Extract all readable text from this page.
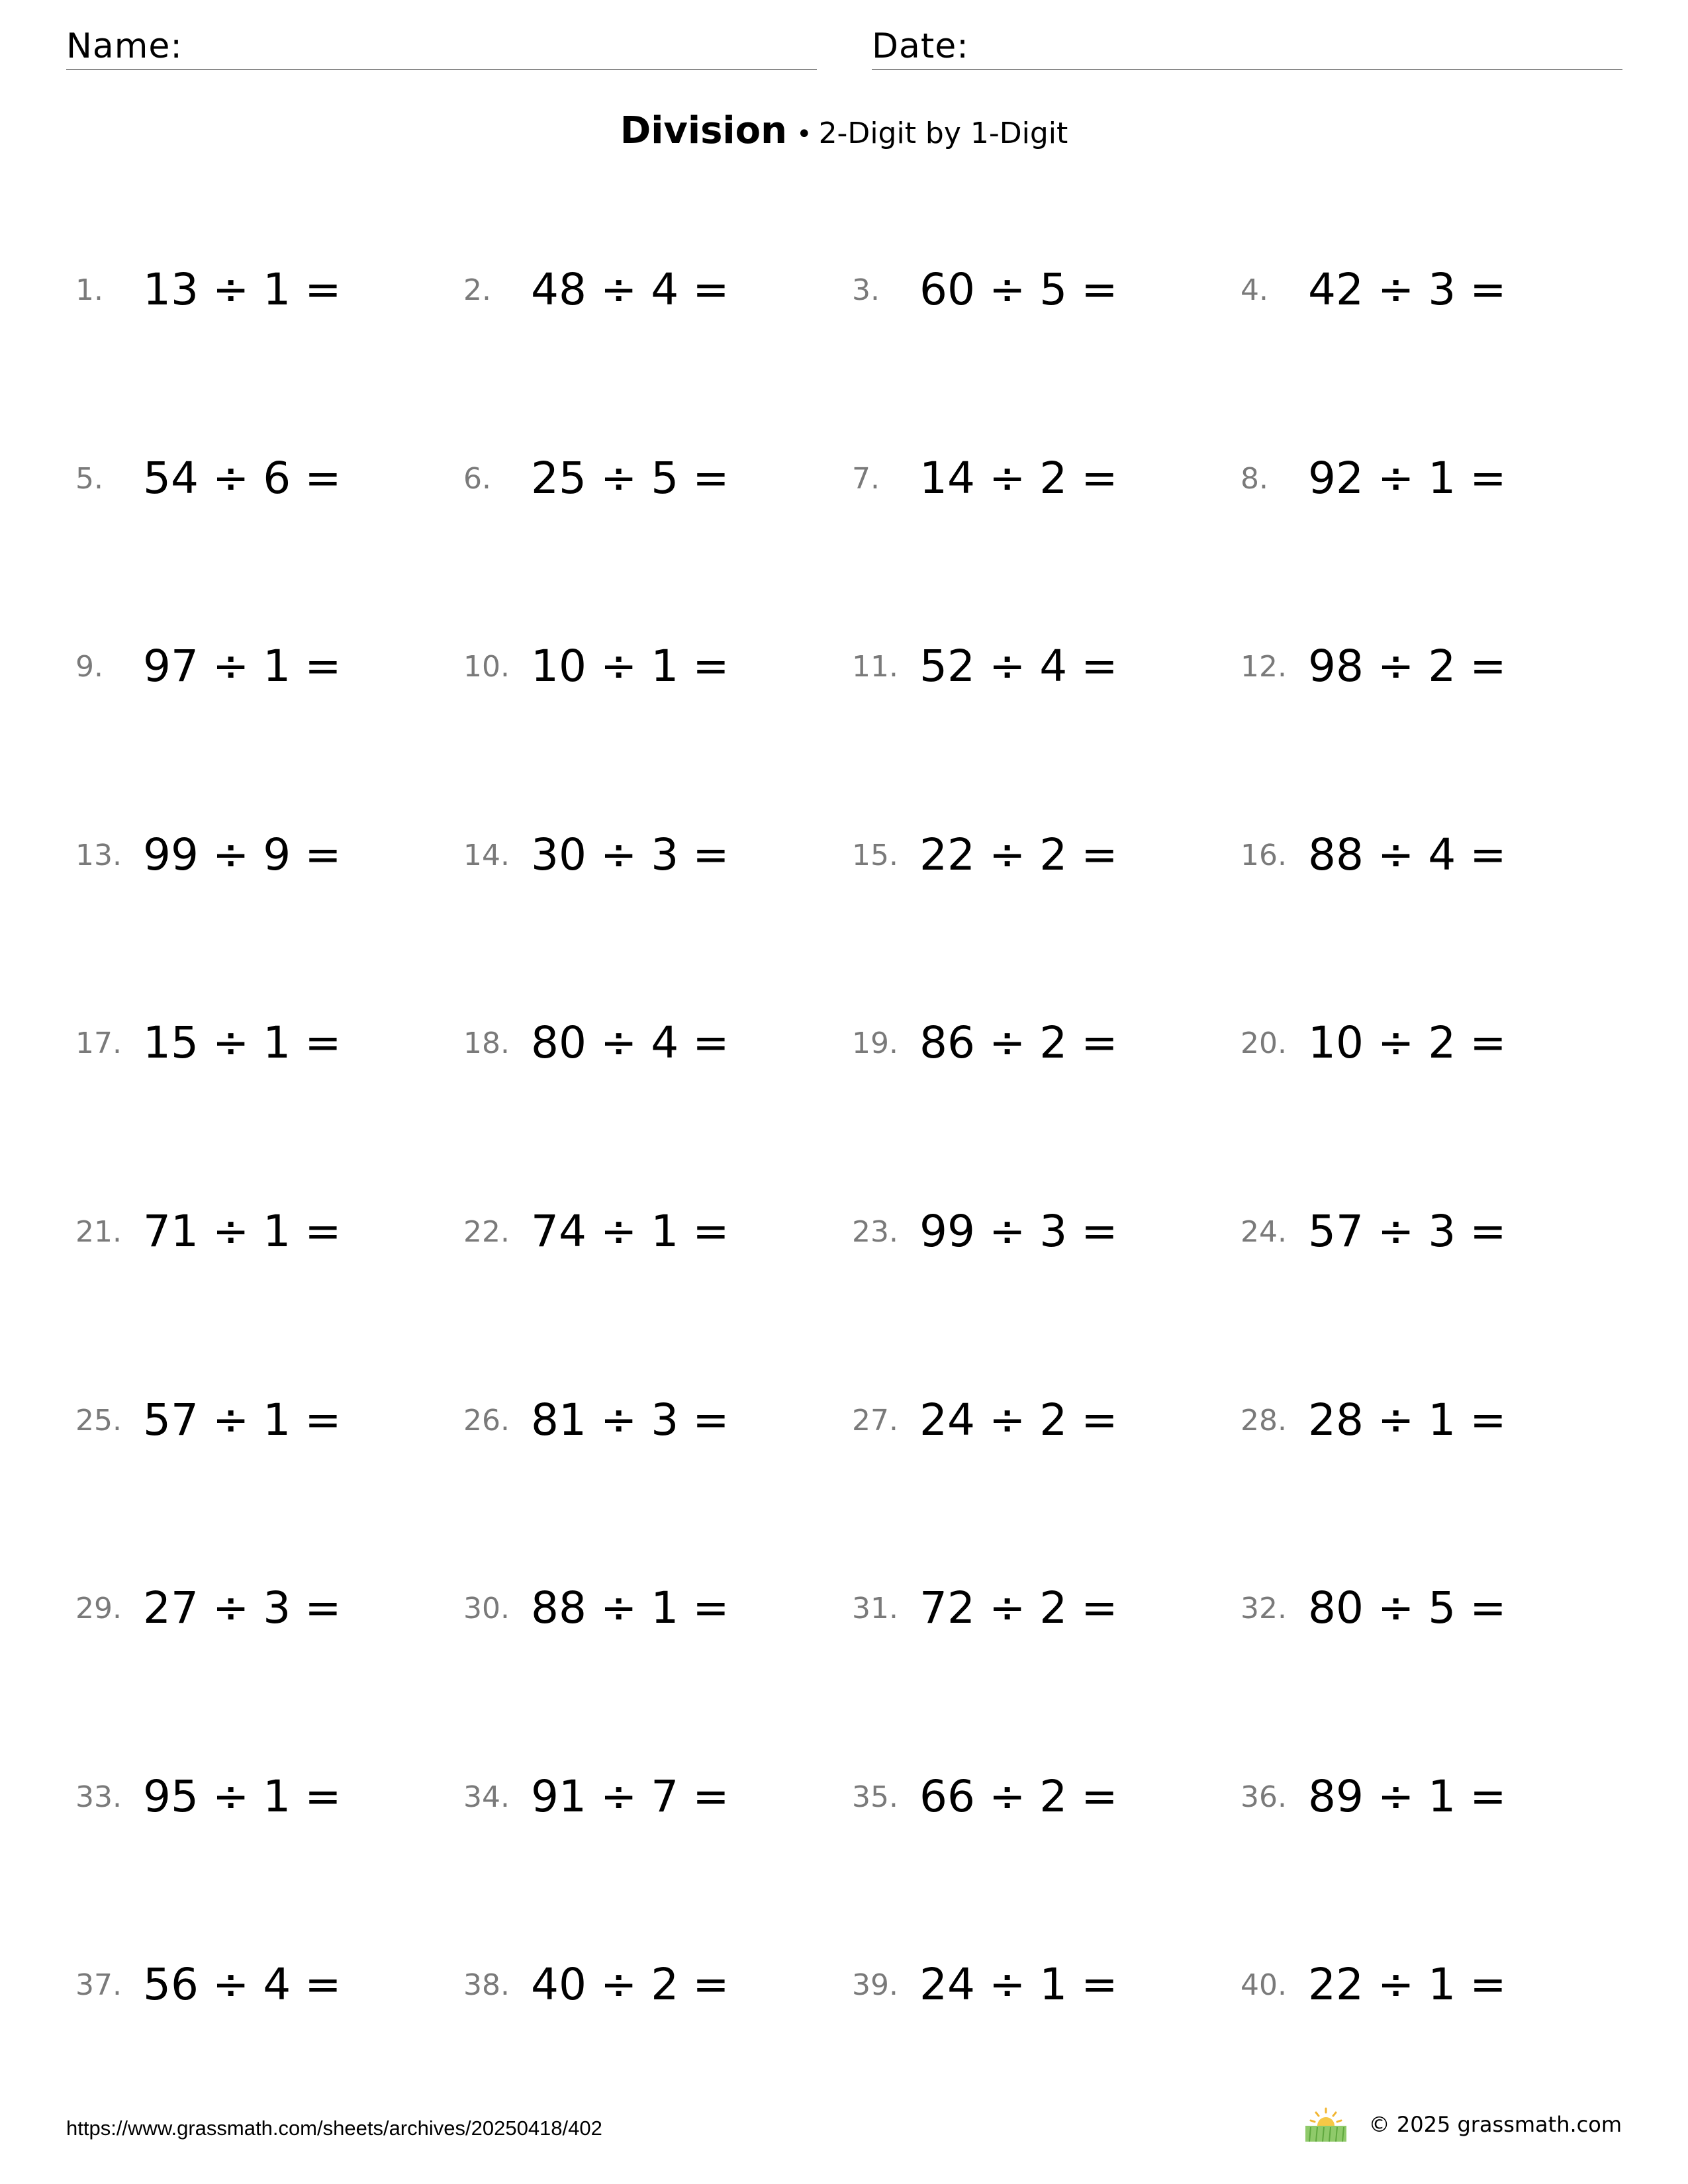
Name:	Date:
Division • 2-Digit by 1-Digit
1. 13 ÷ 1 =	2. 48 ÷ 4 =	3. 60 ÷ 5 =	4. 42 ÷ 3 =
5. 54 ÷ 6 =	6. 25 ÷ 5 =	7. 14 ÷ 2 =	8. 92 ÷ 1 =
9. 97 ÷ 1 =	10. 10 ÷ 1 =	11. 52 ÷ 4 =	12. 98 ÷ 2 =
13. 99 ÷ 9 =	14. 30 ÷ 3 =	15. 22 ÷ 2 =	16. 88 ÷ 4 =
17. 15 ÷ 1 =	18. 80 ÷ 4 =	19. 86 ÷ 2 =	20. 10 ÷ 2 =
21. 71 ÷ 1 =	22. 74 ÷ 1 =	23. 99 ÷ 3 =	24. 57 ÷ 3 =
25. 57 ÷ 1 =	26. 81 ÷ 3 =	27. 24 ÷ 2 =	28. 28 ÷ 1 =
29. 27 ÷ 3 =	30. 88 ÷ 1 =	31. 72 ÷ 2 =	32. 80 ÷ 5 =
33. 95 ÷ 1 =	34. 91 ÷ 7 =	35. 66 ÷ 2 =	36. 89 ÷ 1 =
37. 56 ÷ 4 =	38. 40 ÷ 2 =	39. 24 ÷ 1 =	40. 22 ÷ 1 =
https://www.grassmath.com/sheets/archives/20250418/402	© 2025 grassmath.com
